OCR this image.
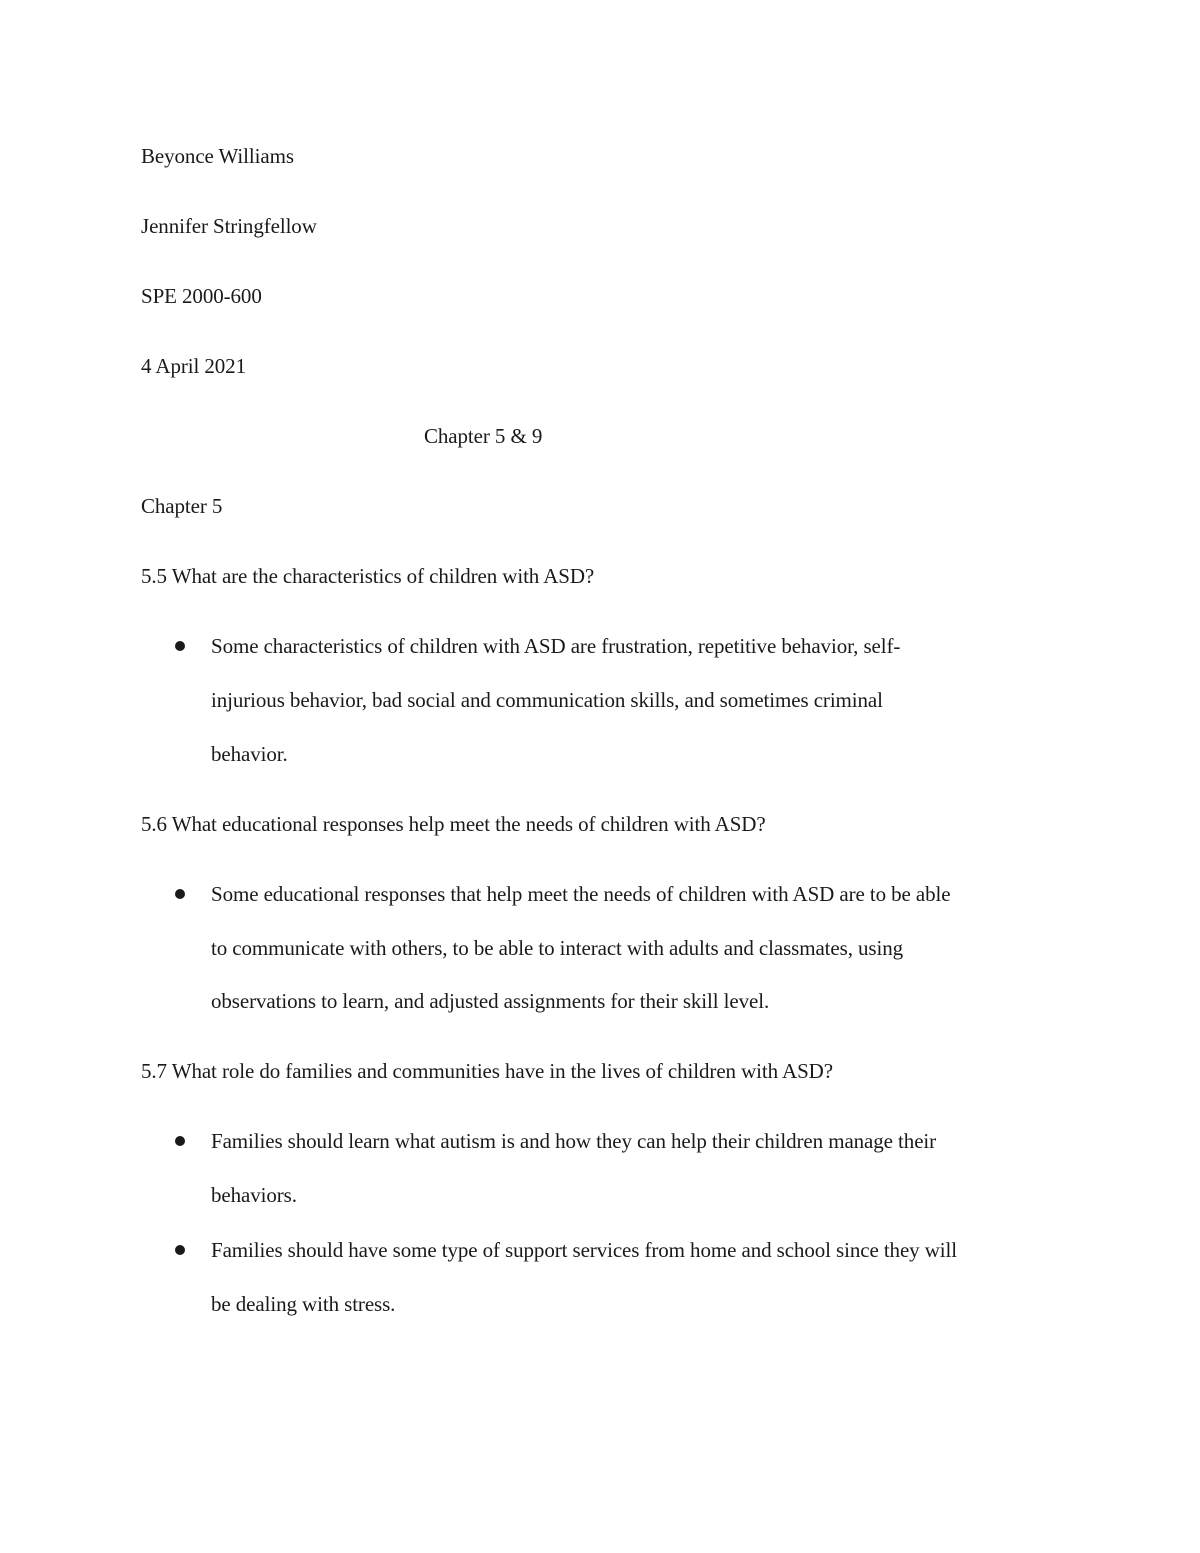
Beyonce Williams
Jennifer Stringfellow
SPE 2000-600
4 April 2021
Chapter 5 & 9
Chapter 5
5.5 What are the characteristics of children with ASD?
Some characteristics of children with ASD are frustration, repetitive behavior, self-
injurious behavior, bad social and communication skills, and sometimes criminal
behavior.
5.6 What educational responses help meet the needs of children with ASD?
Some educational responses that help meet the needs of children with ASD are to be able
to communicate with others, to be able to interact with adults and classmates, using
observations to learn, and adjusted assignments for their skill level.
5.7 What role do families and communities have in the lives of children with ASD?
Families should learn what autism is and how they can help their children manage their
behaviors.
Families should have some type of support services from home and school since they will
be dealing with stress.
